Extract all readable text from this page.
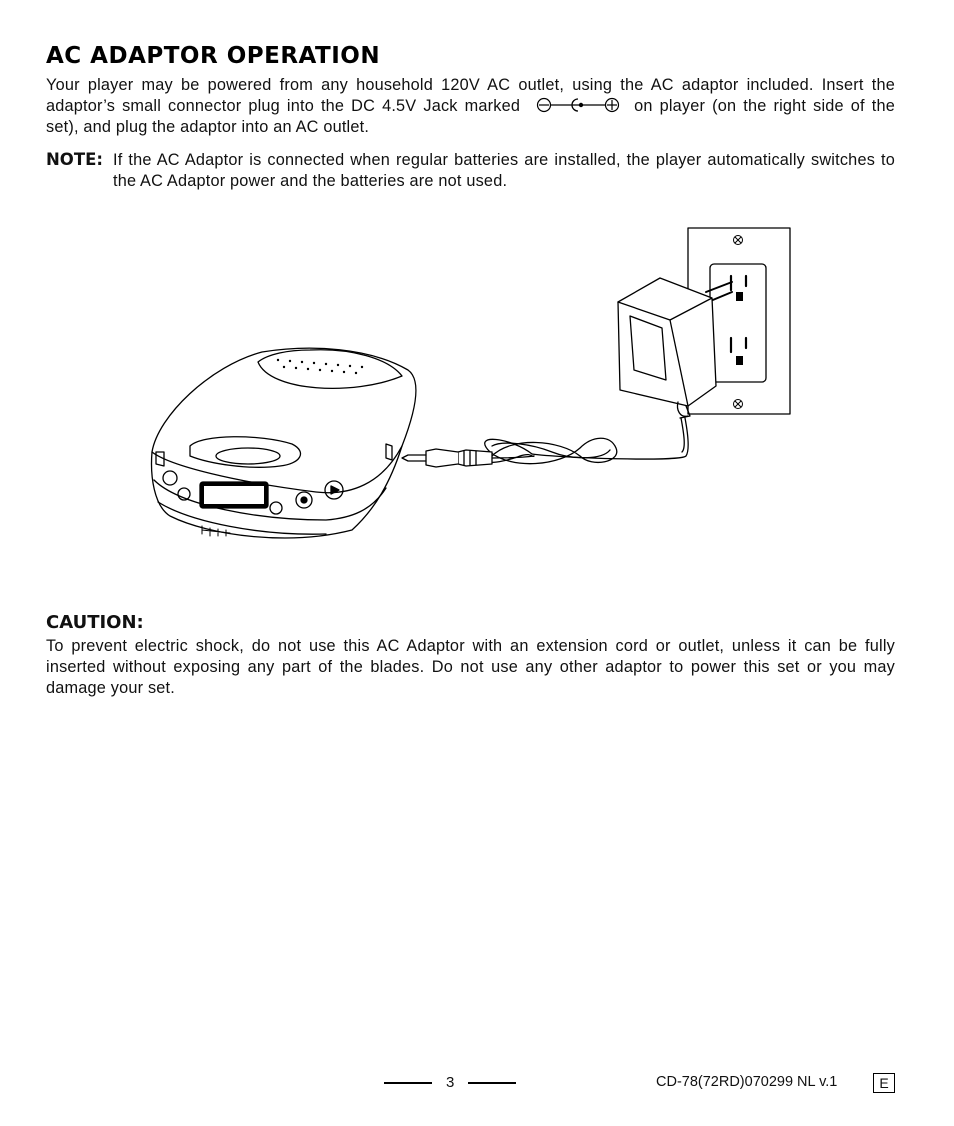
AC ADAPTOR OPERATION

Your player may be powered from any household 120V AC outlet, using the AC adaptor included. Insert the adaptor’s small connector plug into the DC 4.5V Jack marked	on player (on the right side of the set), and plug the adaptor into an AC outlet.

NOTE: If the AC Adaptor is connected when regular batteries are installed, the player automatically switches to the AC Adaptor power and the batteries are not used.

CAUTION:

To prevent electric shock, do not use this AC Adaptor with an extension cord or outlet, unless it can be fully inserted without exposing any part of the blades. Do not use any other adaptor to power this set or you may damage your set.

3	CD-78(72RD)070299 NL v.1	E
